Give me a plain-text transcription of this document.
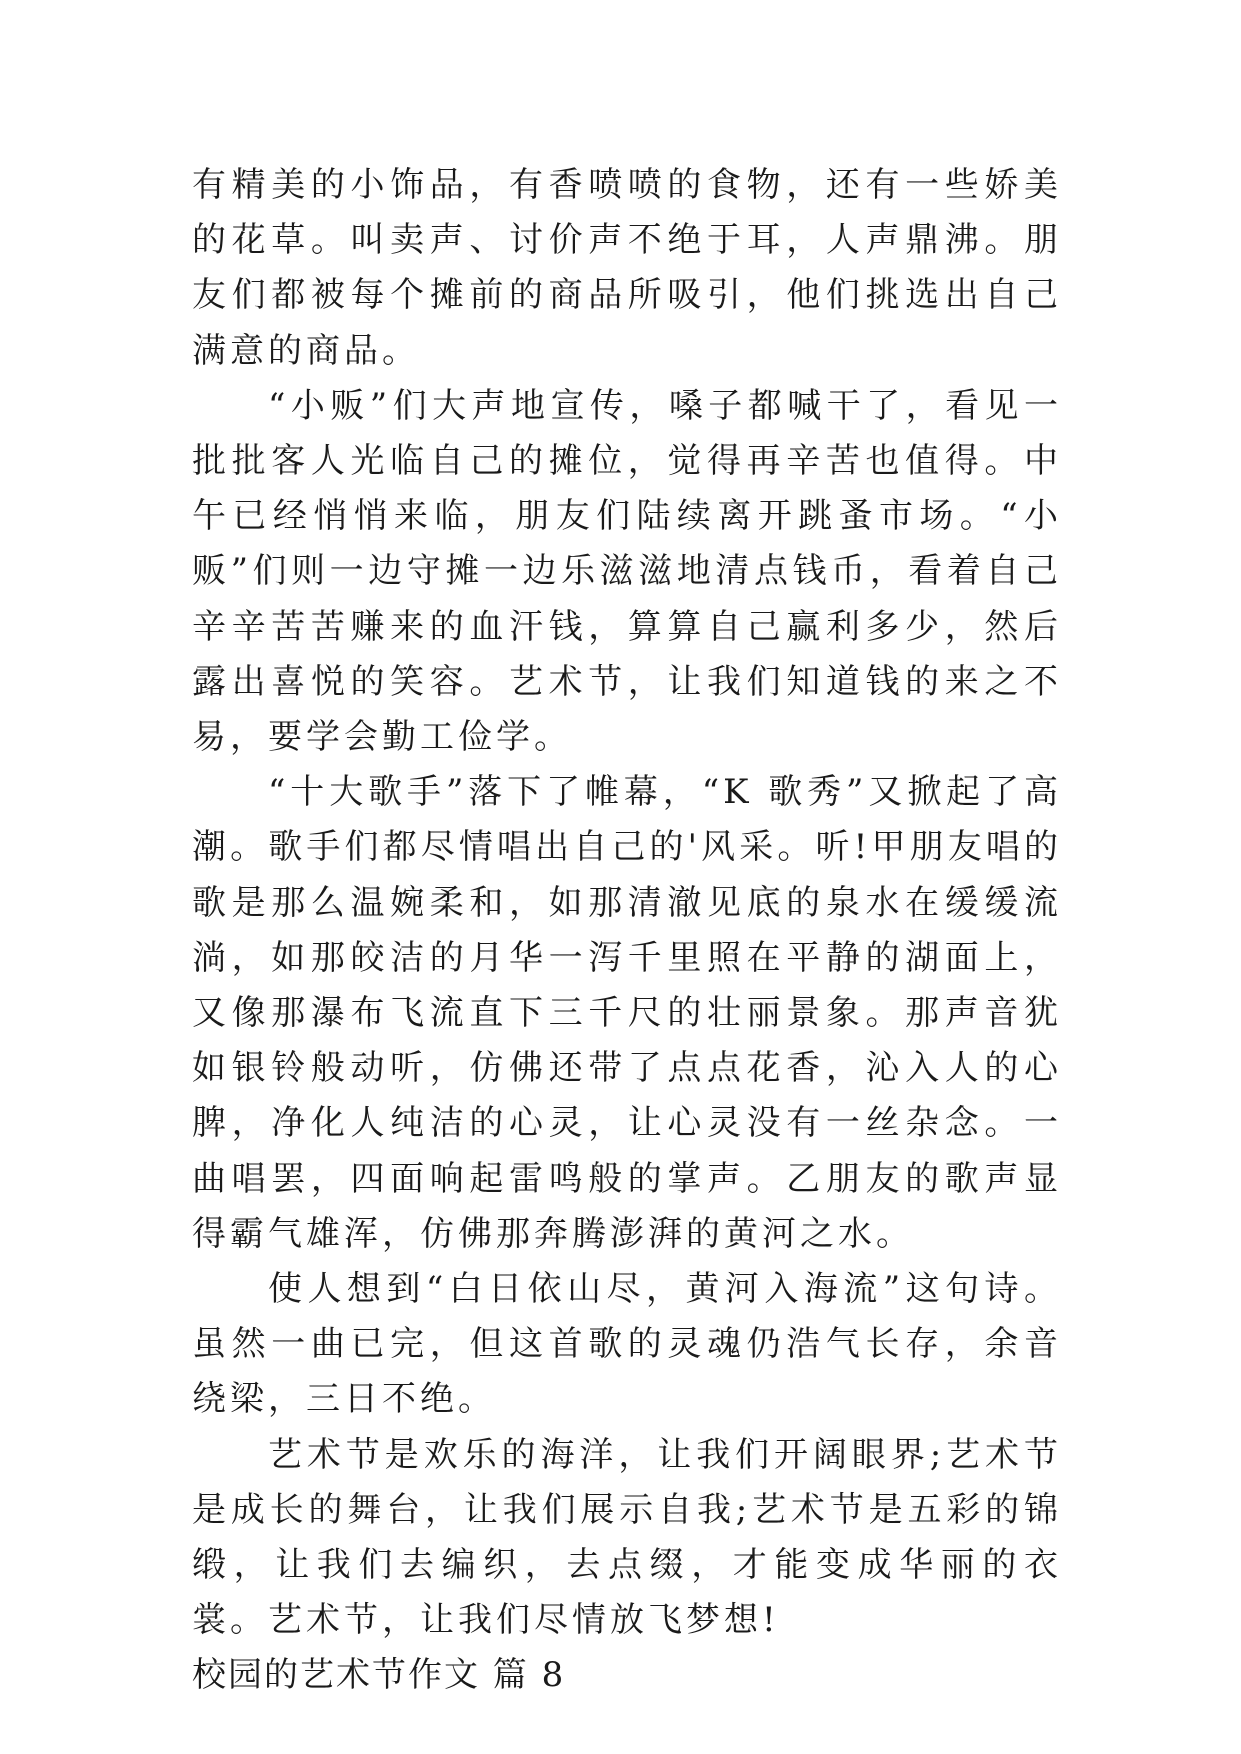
有精美的小饰品，有香喷喷的食物，还有一些娇美的花草。叫卖声、讨价声不绝于耳，人声鼎沸。朋友们都被每个摊前的商品所吸引，他们挑选出自己满意的商品。

“小贩”们大声地宣传，嗓子都喊干了，看见一批批客人光临自己的摊位，觉得再辛苦也值得。中午已经悄悄来临，朋友们陆续离开跳蚤市场。“小贩”们则一边守摊一边乐滋滋地清点钱币，看着自己辛辛苦苦赚来的血汗钱，算算自己赢利多少，然后露出喜悦的笑容。艺术节，让我们知道钱的来之不易，要学会勤工俭学。

“十大歌手”落下了帷幕，“K 歌秀”又掀起了高潮。歌手们都尽情唱出自己的'风采。听!甲朋友唱的歌是那么温婉柔和，如那清澈见底的泉水在缓缓流淌，如那皎洁的月华一泻千里照在平静的湖面上，又像那瀑布飞流直下三千尺的壮丽景象。那声音犹如银铃般动听，仿佛还带了点点花香，沁入人的心脾，净化人纯洁的心灵，让心灵没有一丝杂念。一曲唱罢，四面响起雷鸣般的掌声。乙朋友的歌声显得霸气雄浑，仿佛那奔腾澎湃的黄河之水。

使人想到“白日依山尽，黄河入海流”这句诗。虽然一曲已完，但这首歌的灵魂仍浩气长存，余音绕梁，三日不绝。

艺术节是欢乐的海洋，让我们开阔眼界;艺术节是成长的舞台，让我们展示自我;艺术节是五彩的锦缎，让我们去编织，去点缀，才能变成华丽的衣裳。艺术节，让我们尽情放飞梦想!

校园的艺术节作文 篇 8
